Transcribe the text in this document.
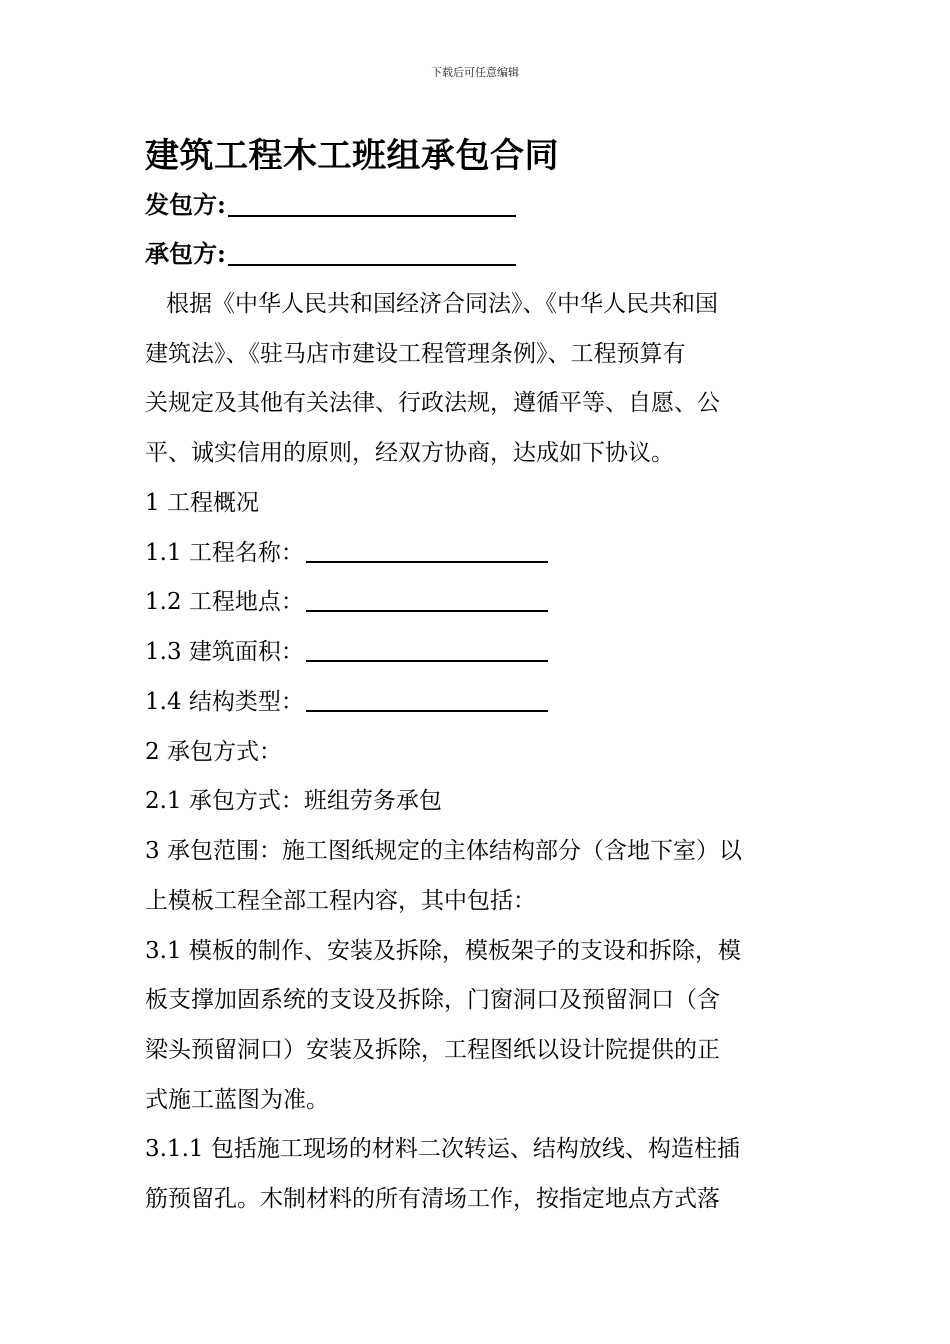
下载后可任意编辑
建筑工程木工班组承包合同
发包方:
承包方:
根据《中华人民共和国经济合同法》、《中华人民共和国
建筑法》、《驻马店市建设工程管理条例》、工程预算有
关规定及其他有关法律、行政法规，遵循平等、自愿、公
平、诚实信用的原则，经双方协商，达成如下协议。
1 工程概况
1.1 工程名称：
1.2 工程地点：
1.3 建筑面积：
1.4 结构类型：
2 承包方式：
2.1 承包方式：班组劳务承包
3 承包范围：施工图纸规定的主体结构部分（含地下室）以
上模板工程全部工程内容，其中包括：
3.1 模板的制作、安装及拆除，模板架子的支设和拆除，模
板支撑加固系统的支设及拆除，门窗洞口及预留洞口（含
梁头预留洞口）安装及拆除，工程图纸以设计院提供的正
式施工蓝图为准。
3.1.1 包括施工现场的材料二次转运、结构放线、构造柱插
筋预留孔。木制材料的所有清场工作，按指定地点方式落
